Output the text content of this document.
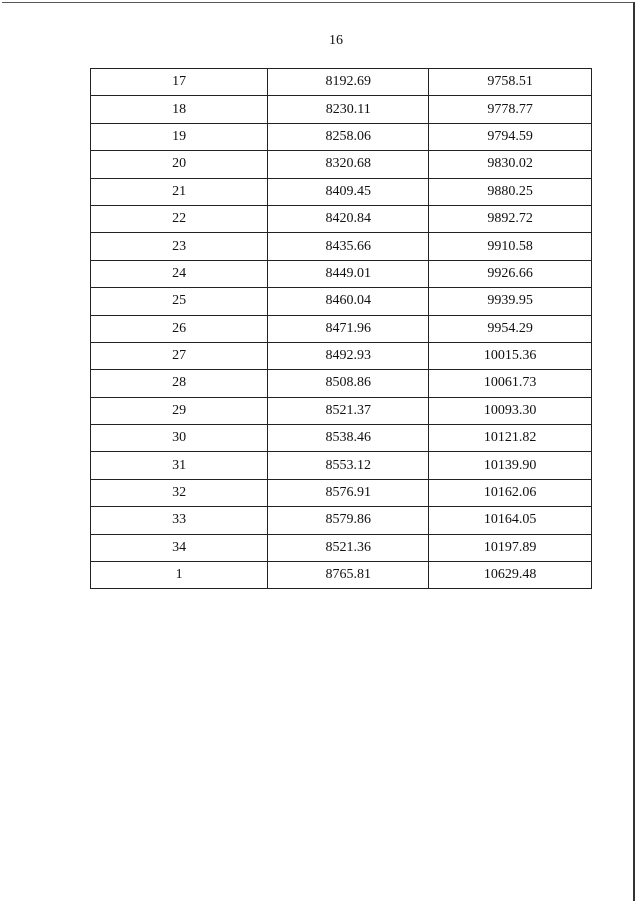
16
17	8192.69	9758.51
18	8230.11	9778.77
19	8258.06	9794.59
20	8320.68	9830.02
21	8409.45	9880.25
22	8420.84	9892.72
23	8435.66	9910.58
24	8449.01	9926.66
25	8460.04	9939.95
26	8471.96	9954.29
27	8492.93	10015.36
28	8508.86	10061.73
29	8521.37	10093.30
30	8538.46	10121.82
31	8553.12	10139.90
32	8576.91	10162.06
33	8579.86	10164.05
34	8521.36	10197.89
1	8765.81	10629.48
